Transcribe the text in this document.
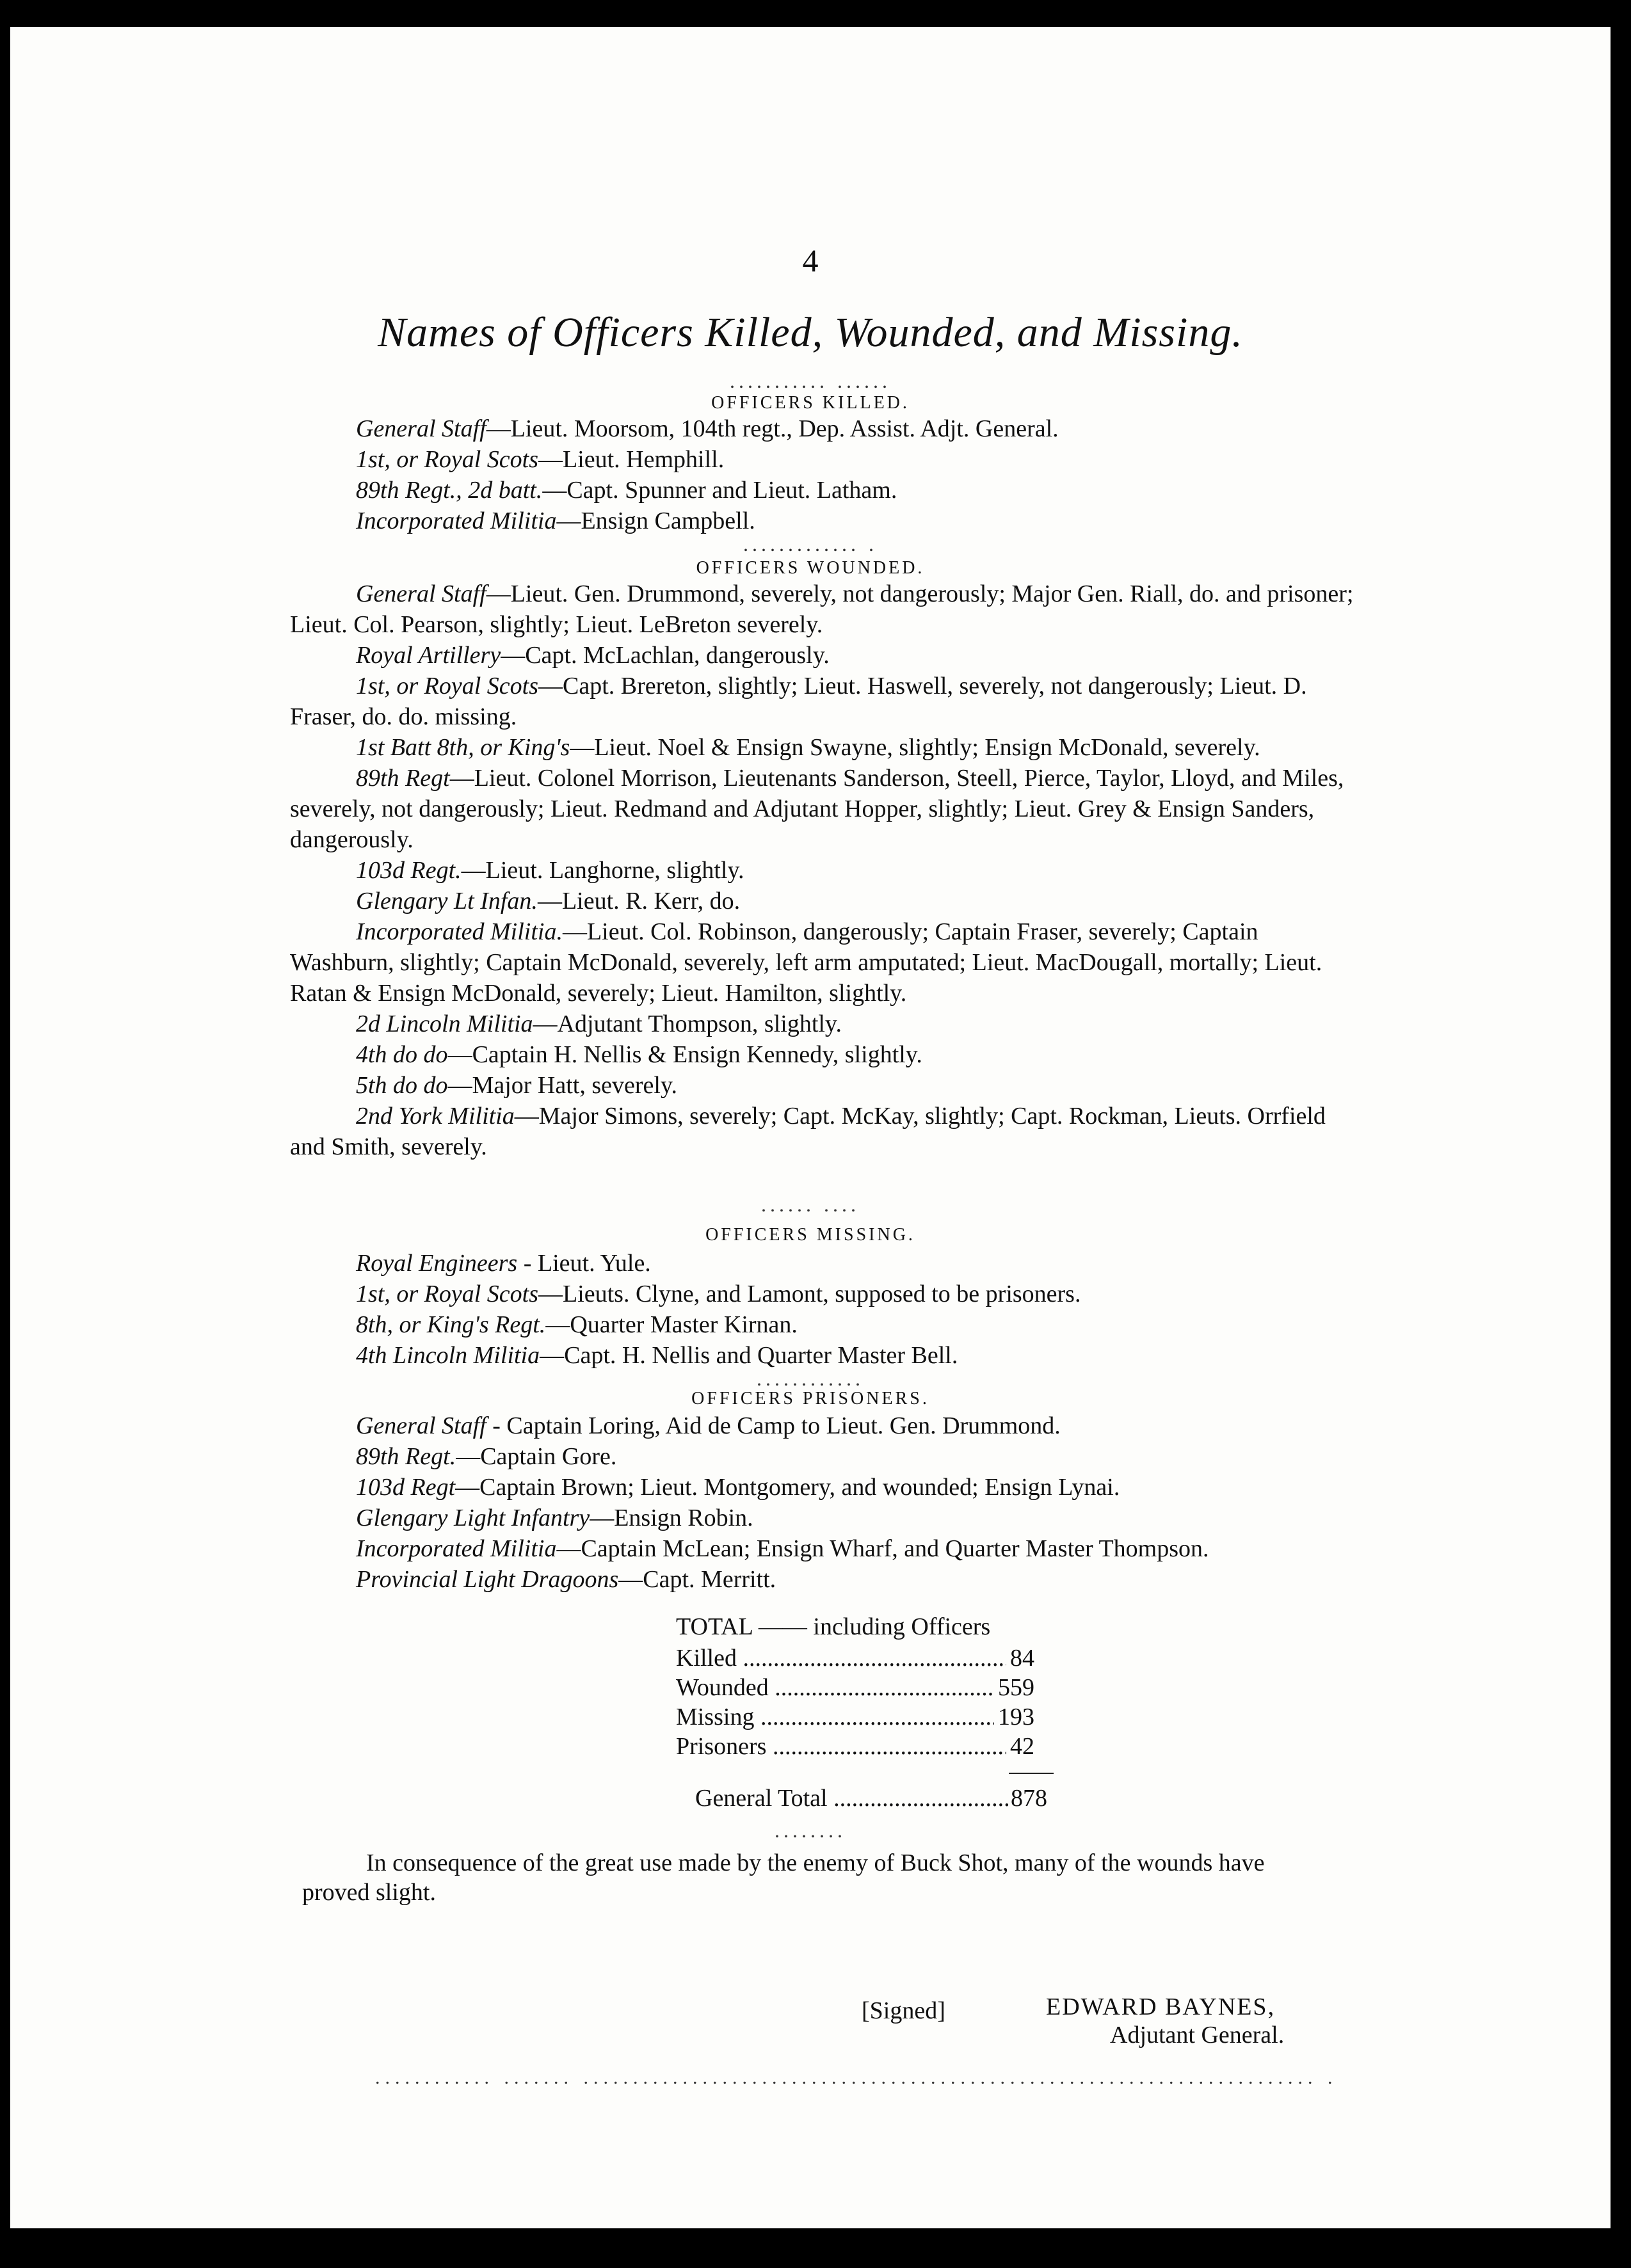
4
Names of Officers Killed, Wounded, and Missing.
........... ......
OFFICERS KILLED.

General Staff—Lieut. Moorsom, 104th regt., Dep. Assist. Adjt. General.

1st, or Royal Scots—Lieut. Hemphill.

89th Regt., 2d batt.—Capt. Spunner and Lieut. Latham.

Incorporated Militia—Ensign Campbell.

............. .
OFFICERS WOUNDED.

General Staff—Lieut. Gen. Drummond, severely, not dangerously; Major Gen. Riall, do. and prisoner; Lieut. Col. Pearson, slightly; Lieut. LeBreton severely.

Royal Artillery—Capt. McLachlan, dangerously.

1st, or Royal Scots—Capt. Brereton, slightly; Lieut. Haswell, severely, not dangerously; Lieut. D. Fraser, do. do. missing.

1st Batt 8th, or King's—Lieut. Noel & Ensign Swayne, slightly; Ensign McDonald, severely.

89th Regt—Lieut. Colonel Morrison, Lieutenants Sanderson, Steell, Pierce, Taylor, Lloyd, and Miles, severely, not dangerously; Lieut. Redmand and Adjutant Hopper, slightly; Lieut. Grey & Ensign Sanders, dangerously.

103d Regt.—Lieut. Langhorne, slightly.

Glengary Lt Infan.—Lieut. R. Kerr, do.

Incorporated Militia.—Lieut. Col. Robinson, dangerously; Captain Fraser, severely; Captain Washburn, slightly; Captain McDonald, severely, left arm amputated; Lieut. MacDougall, mortally; Lieut. Ratan & Ensign McDonald, severely; Lieut. Hamilton, slightly.

2d Lincoln Militia—Adjutant Thompson, slightly.

4th do do—Captain H. Nellis & Ensign Kennedy, slightly.

5th do do—Major Hatt, severely.

2nd York Militia—Major Simons, severely; Capt. McKay, slightly; Capt. Rockman, Lieuts. Orrfield and Smith, severely.

...... ....
OFFICERS MISSING.

Royal Engineers - Lieut. Yule.

1st, or Royal Scots—Lieuts. Clyne, and Lamont, supposed to be prisoners.

8th, or King's Regt.—Quarter Master Kirnan.

4th Lincoln Militia—Capt. H. Nellis and Quarter Master Bell.

............
OFFICERS PRISONERS.

General Staff - Captain Loring, Aid de Camp to Lieut. Gen. Drummond.

89th Regt.—Captain Gore.

103d Regt—Captain Brown; Lieut. Montgomery, and wounded; Ensign Lynai.

Glengary Light Infantry—Ensign Robin.

Incorporated Militia—Captain McLean; Ensign Wharf, and Quarter Master Thompson.

Provincial Light Dragoons—Capt. Merritt.

TOTAL —— including Officers
Killed .....	84
Wounded .....	559
Missing .....	193
Prisoners .....	42
General Total .....	878
........
In consequence of the great use made by the enemy of Buck Shot, many of the wounds have proved slight.
[Signed]	EDWARD BAYNES,
Adjutant General.
............ ....... .......................................................................... .
